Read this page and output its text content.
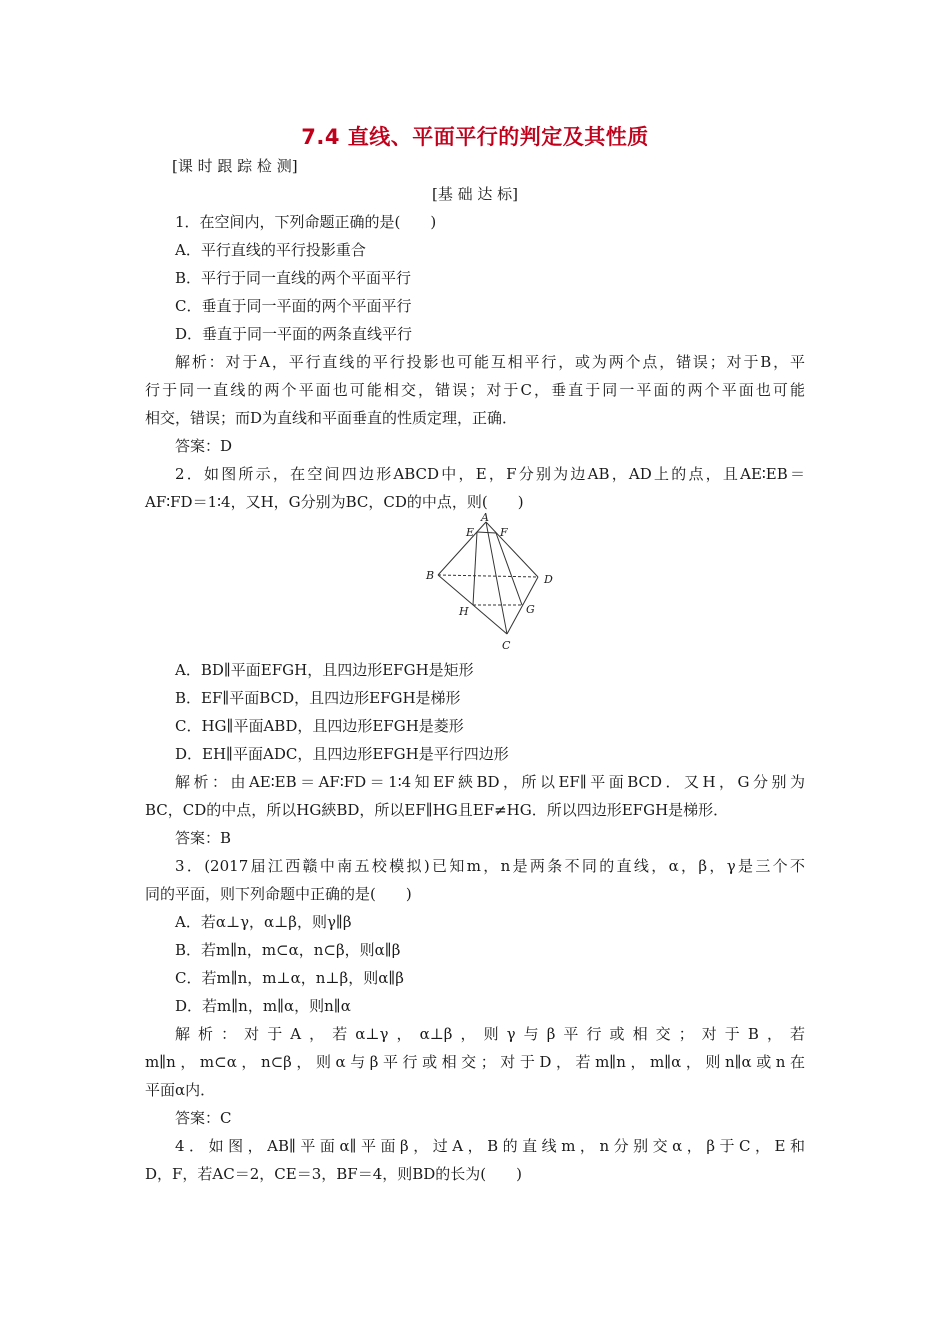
7.4 直线、平面平行的判定及其性质
[课 时 跟 踪 检 测]
[基 础 达 标]
1．在空间内，下列命题正确的是(　　)
A．平行直线的平行投影重合
B．平行于同一直线的两个平面平行
C．垂直于同一平面的两个平面平行
D．垂直于同一平面的两条直线平行
解析：对于A，平行直线的平行投影也可能互相平行，或为两个点，错误；对于B，平
行于同一直线的两个平面也可能相交，错误；对于C，垂直于同一平面的两个平面也可能
相交，错误；而D为直线和平面垂直的性质定理，正确．
答案：D
2．如图所示，在空间四边形ABCD中，E，F分别为边AB，AD上的点，且AE∶EB＝
AF∶FD＝1∶4，又H，G分别为BC，CD的中点，则(　　)
A
E F
B	D
H	G
C
A．BD∥平面EFGH，且四边形EFGH是矩形
B．EF∥平面BCD，且四边形EFGH是梯形
C．HG∥平面ABD，且四边形EFGH是菱形
D．EH∥平面ADC，且四边形EFGH是平行四边形
解析：由AE∶EB＝AF∶FD＝1∶4知EF綊BD，所以EF∥平面BCD．又H，G分别为
BC，CD的中点，所以HG綊BD，所以EF∥HG且EF≠HG．所以四边形EFGH是梯形．
答案：B
3．(2017届江西赣中南五校模拟)已知m，n是两条不同的直线，α，β，γ是三个不
同的平面，则下列命题中正确的是(　　)
A．若α⊥γ，α⊥β，则γ∥β
B．若m∥n，m⊂α，n⊂β，则α∥β
C．若m∥n，m⊥α，n⊥β，则α∥β
D．若m∥n，m∥α，则n∥α
解析：对于A，若α⊥γ，α⊥β，则γ与β平行或相交；对于B，若
m∥n，m⊂α，n⊂β，则α与β平行或相交；对于D，若m∥n，m∥α，则n∥α或n在
平面α内．
答案：C
4．如图，AB∥平面α∥平面β，过A，B的直线m，n分别交α，β于C，E和
D，F，若AC＝2，CE＝3，BF＝4，则BD的长为(　　)
